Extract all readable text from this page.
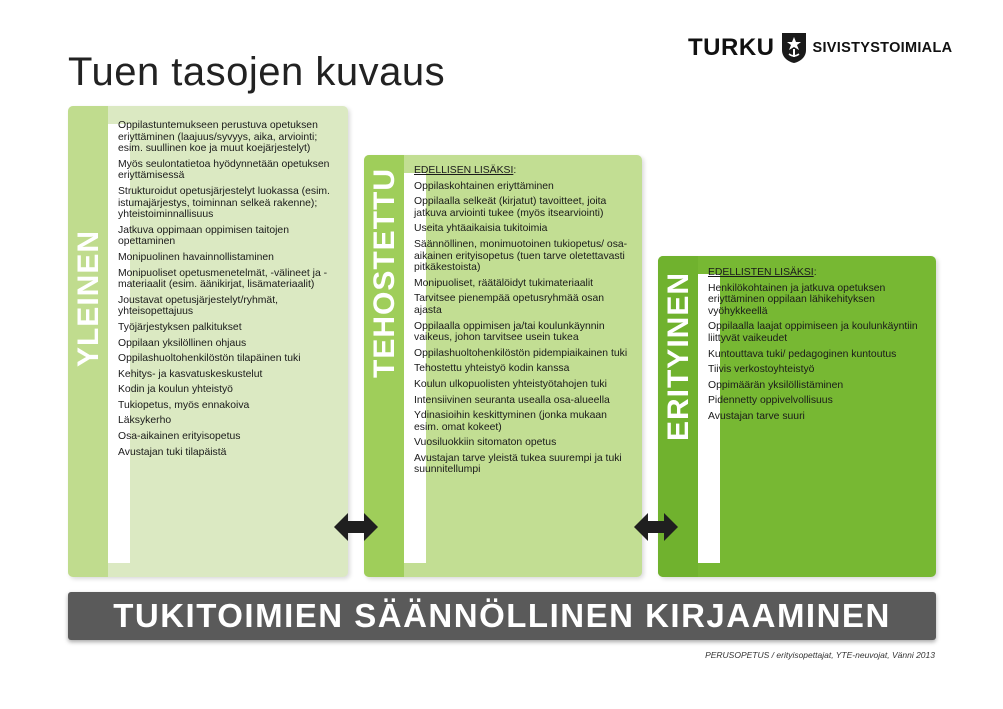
Tuen tasojen kuvaus
TURKU	SIVISTYSTOIMIALA
YLEINEN
Oppilastuntemukseen perustuva opetuksen eriyttäminen (laajuus/syvyys, aika, arviointi; esim. suullinen koe ja muut koejärjestelyt)
Myös seulontatietoa hyödynnetään opetuksen eriyttämisessä
Strukturoidut opetusjärjestelyt luokassa (esim. istumajärjestys, toiminnan selkeä rakenne); yhteistoiminnallisuus
Jatkuva oppimaan oppimisen taitojen opettaminen
Monipuolinen havainnollistaminen
Monipuoliset opetusmenetelmät, -välineet ja -materiaalit (esim. äänikirjat, lisämateriaalit)
Joustavat opetusjärjestelyt/ryhmät, yhteisopettajuus
Työjärjestyksen palkitukset
Oppilaan yksilöllinen ohjaus
Oppilashuoltohenkilöstön tilapäinen tuki
Kehitys- ja kasvatuskeskustelut
Kodin ja koulun yhteistyö
Tukiopetus, myös ennakoiva
Läksykerho
Osa-aikainen erityisopetus
Avustajan tuki tilapäistä
TEHOSTETTU EDELLISEN LISÄKSI:
Oppilaskohtainen eriyttäminen
Oppilaalla selkeät (kirjatut) tavoitteet, joita jatkuva arviointi tukee (myös itsearviointi)
Useita yhtäaikaisia tukitoimia
Säännöllinen, monimuotoinen tukiopetus/ osa-aikainen erityisopetus (tuen tarve oletettavasti pitkäkestoista)
Monipuoliset, räätälöidyt tukimateriaalit
Tarvitsee pienempää opetusryhmää osan ajasta
Oppilaalla oppimisen ja/tai koulunkäynnin vaikeus, johon tarvitsee usein tukea
Oppilashuoltohenkilöstön pidempiaikainen tuki
Tehostettu yhteistyö kodin kanssa
Koulun ulkopuolisten yhteistyötahojen tuki
Intensiivinen seuranta usealla osa-alueella
Ydinasioihin keskittyminen (jonka mukaan esim. omat kokeet)
Vuosiluokkiin sitomaton opetus
Avustajan tarve yleistä tukea suurempi ja tuki suunnitellumpi
ERITYINEN EDELLISTEN LISÄKSI:
Henkilökohtainen ja jatkuva opetuksen eriyttäminen oppilaan lähikehityksen vyöhykkeellä
Oppilaalla laajat oppimiseen ja koulunkäyntiin liittyvät vaikeudet
Kuntouttava tuki/ pedagoginen kuntoutus
Tiivis verkostoyhteistyö
Oppimäärän yksilöllistäminen
Pidennetty oppivelvollisuus
Avustajan tarve suuri
TUKITOIMIEN SÄÄNNÖLLINEN KIRJAAMINEN
PERUSOPETUS / erityisopettajat, YTE-neuvojat, Vänni 2013
